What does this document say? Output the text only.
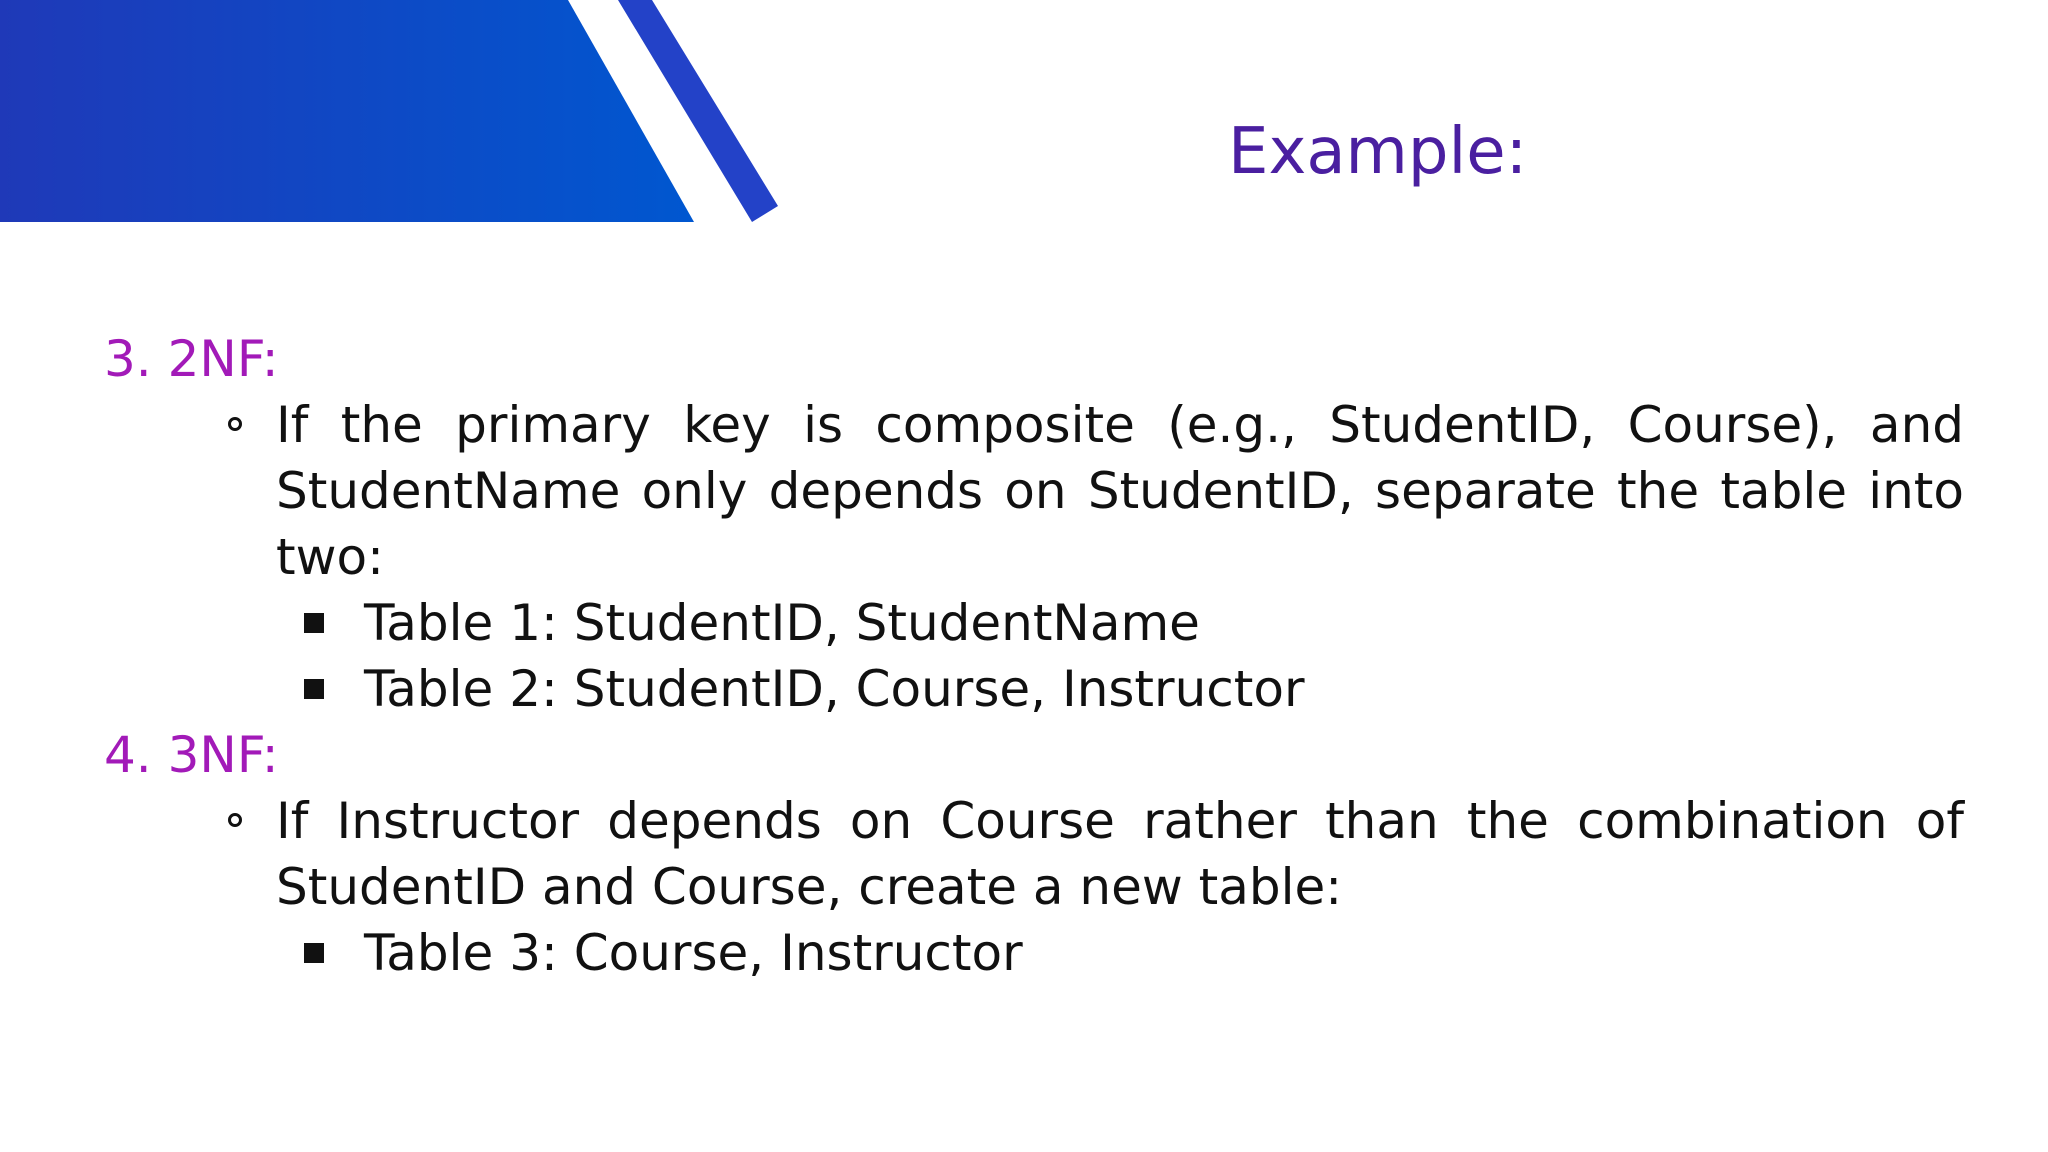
Example:
3. 2NF:
If the primary key is composite (e.g., StudentID, Course), and StudentName only depends on StudentID, separate the table into two:
Table 1: StudentID, StudentName
Table 2: StudentID, Course, Instructor
4. 3NF:
If Instructor depends on Course rather than the combination of StudentID and Course, create a new table:
Table 3: Course, Instructor
